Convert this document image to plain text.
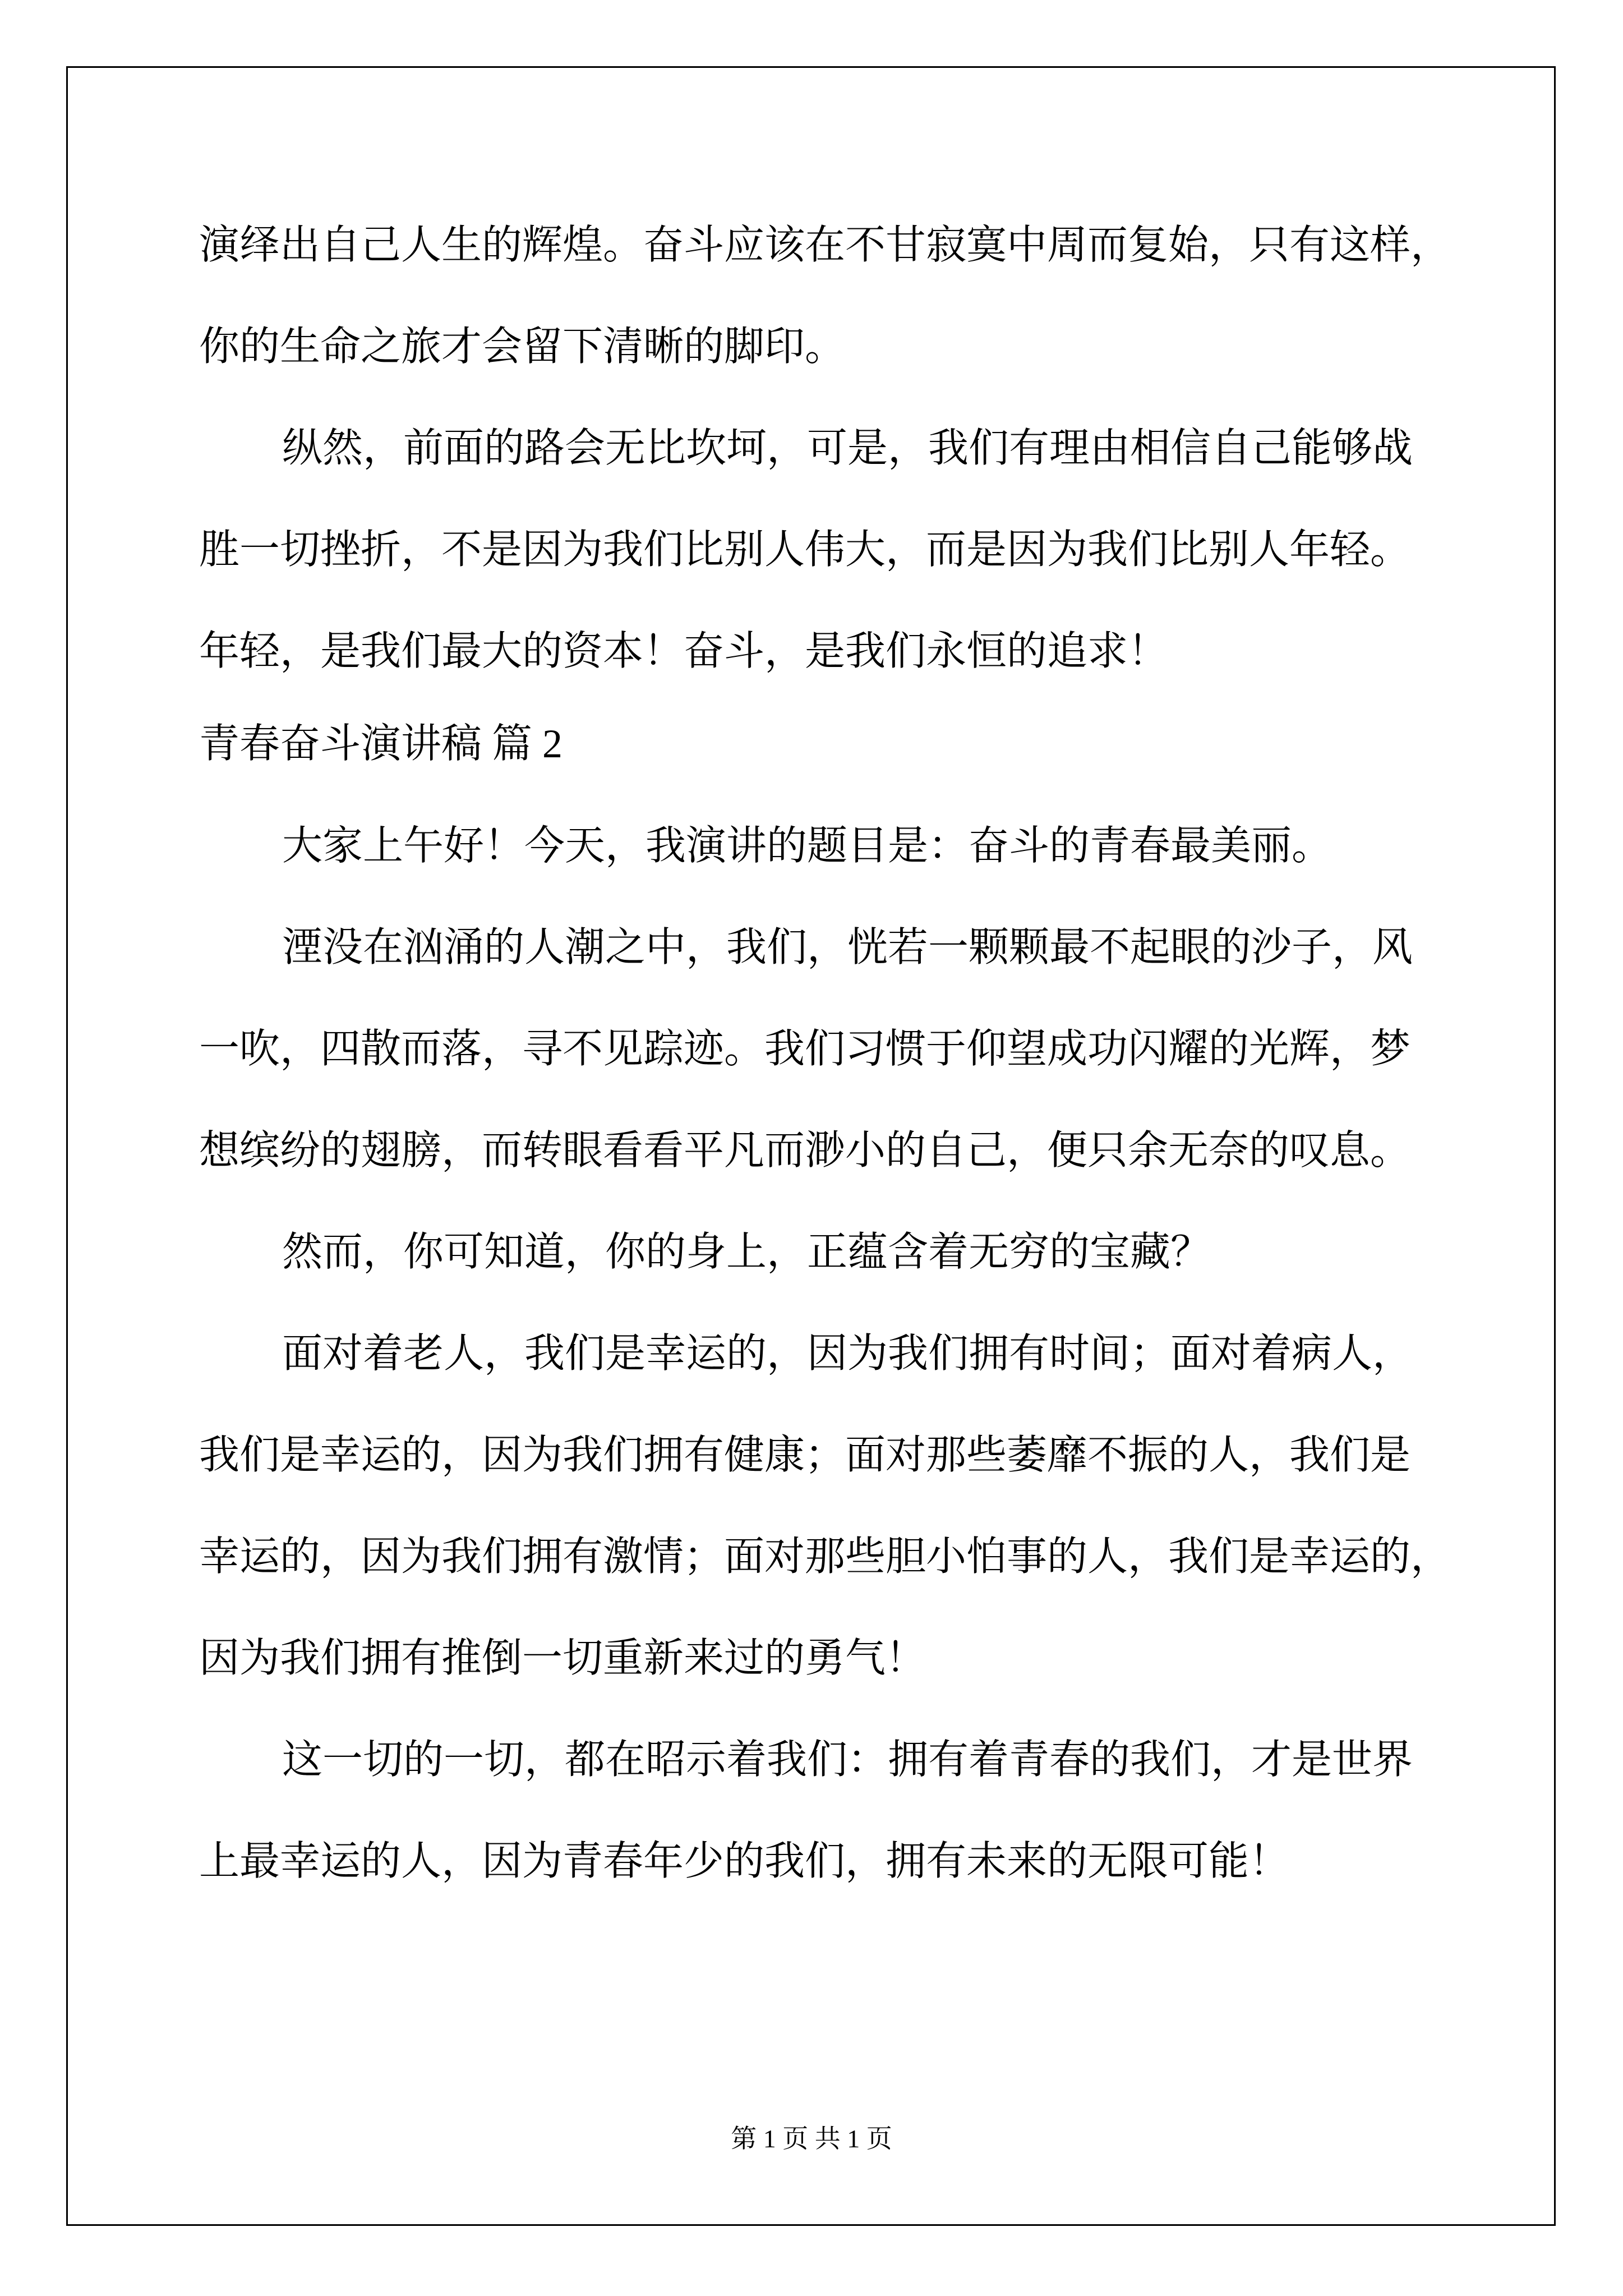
演绎出自己人生的辉煌。奋斗应该在不甘寂寞中周而复始，只有这样，
你的生命之旅才会留下清晰的脚印。
纵然，前面的路会无比坎坷，可是，我们有理由相信自己能够战
胜一切挫折，不是因为我们比别人伟大，而是因为我们比别人年轻。
年轻，是我们最大的资本！奋斗，是我们永恒的追求！
青春奋斗演讲稿 篇 2
大家上午好！今天，我演讲的题目是：奋斗的青春最美丽。
湮没在汹涌的人潮之中，我们，恍若一颗颗最不起眼的沙子，风
一吹，四散而落，寻不见踪迹。我们习惯于仰望成功闪耀的光辉，梦
想缤纷的翅膀，而转眼看看平凡而渺小的自己，便只余无奈的叹息。
然而，你可知道，你的身上，正蕴含着无穷的宝藏？
面对着老人，我们是幸运的，因为我们拥有时间；面对着病人，
我们是幸运的，因为我们拥有健康；面对那些萎靡不振的人，我们是
幸运的，因为我们拥有激情；面对那些胆小怕事的人，我们是幸运的，
因为我们拥有推倒一切重新来过的勇气！
这一切的一切，都在昭示着我们：拥有着青春的我们，才是世界
上最幸运的人，因为青春年少的我们，拥有未来的无限可能！
第 1 页 共 1 页
